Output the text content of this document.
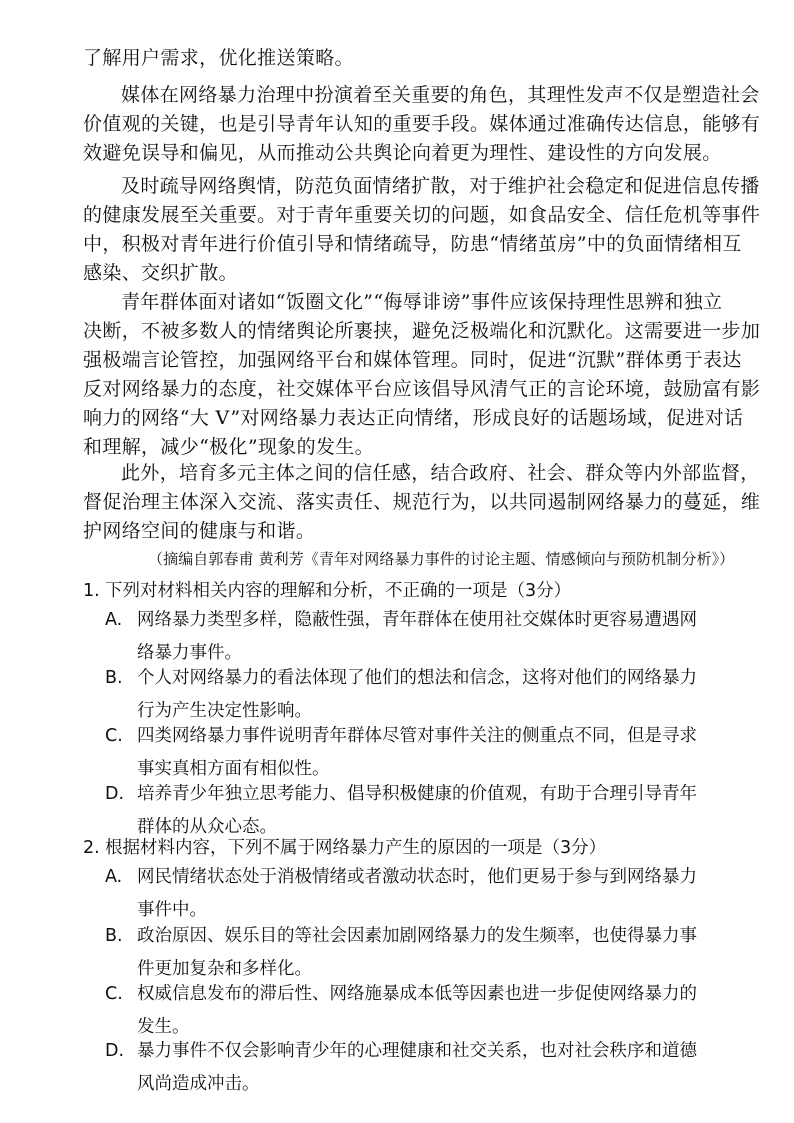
了解用户需求，优化推送策略。
媒体在网络暴力治理中扮演着至关重要的角色，其理性发声不仅是塑造社会
价值观的关键，也是引导青年认知的重要手段。媒体通过准确传达信息，能够有
效避免误导和偏见，从而推动公共舆论向着更为理性、建设性的方向发展。
及时疏导网络舆情，防范负面情绪扩散，对于维护社会稳定和促进信息传播
的健康发展至关重要。对于青年重要关切的问题，如食品安全、信任危机等事件
中，积极对青年进行价值引导和情绪疏导，防患“情绪茧房”中的负面情绪相互
感染、交织扩散。
青年群体面对诸如“饭圈文化”“侮辱诽谤”事件应该保持理性思辨和独立
决断，不被多数人的情绪舆论所裹挟，避免泛极端化和沉默化。这需要进一步加
强极端言论管控，加强网络平台和媒体管理。同时，促进“沉默”群体勇于表达
反对网络暴力的态度，社交媒体平台应该倡导风清气正的言论环境，鼓励富有影
响力的网络“大 V”对网络暴力表达正向情绪，形成良好的话题场域，促进对话
和理解，减少“极化”现象的发生。
此外，培育多元主体之间的信任感，结合政府、社会、群众等内外部监督，
督促治理主体深入交流、落实责任、规范行为，以共同遏制网络暴力的蔓延，维
护网络空间的健康与和谐。
（摘编自郭春甫 黄利芳《青年对网络暴力事件的讨论主题、情感倾向与预防机制分析》）
1. 下列对材料相关内容的理解和分析，不正确的一项是（3分）
A. 网络暴力类型多样，隐蔽性强，青年群体在使用社交媒体时更容易遭遇网
络暴力事件。
B. 个人对网络暴力的看法体现了他们的想法和信念，这将对他们的网络暴力
行为产生决定性影响。
C. 四类网络暴力事件说明青年群体尽管对事件关注的侧重点不同，但是寻求
事实真相方面有相似性。
D. 培养青少年独立思考能力、倡导积极健康的价值观，有助于合理引导青年
群体的从众心态。
2. 根据材料内容，下列不属于网络暴力产生的原因的一项是（3分）
A. 网民情绪状态处于消极情绪或者激动状态时，他们更易于参与到网络暴力
事件中。
B. 政治原因、娱乐目的等社会因素加剧网络暴力的发生频率，也使得暴力事
件更加复杂和多样化。
C. 权威信息发布的滞后性、网络施暴成本低等因素也进一步促使网络暴力的
发生。
D. 暴力事件不仅会影响青少年的心理健康和社交关系，也对社会秩序和道德
风尚造成冲击。
